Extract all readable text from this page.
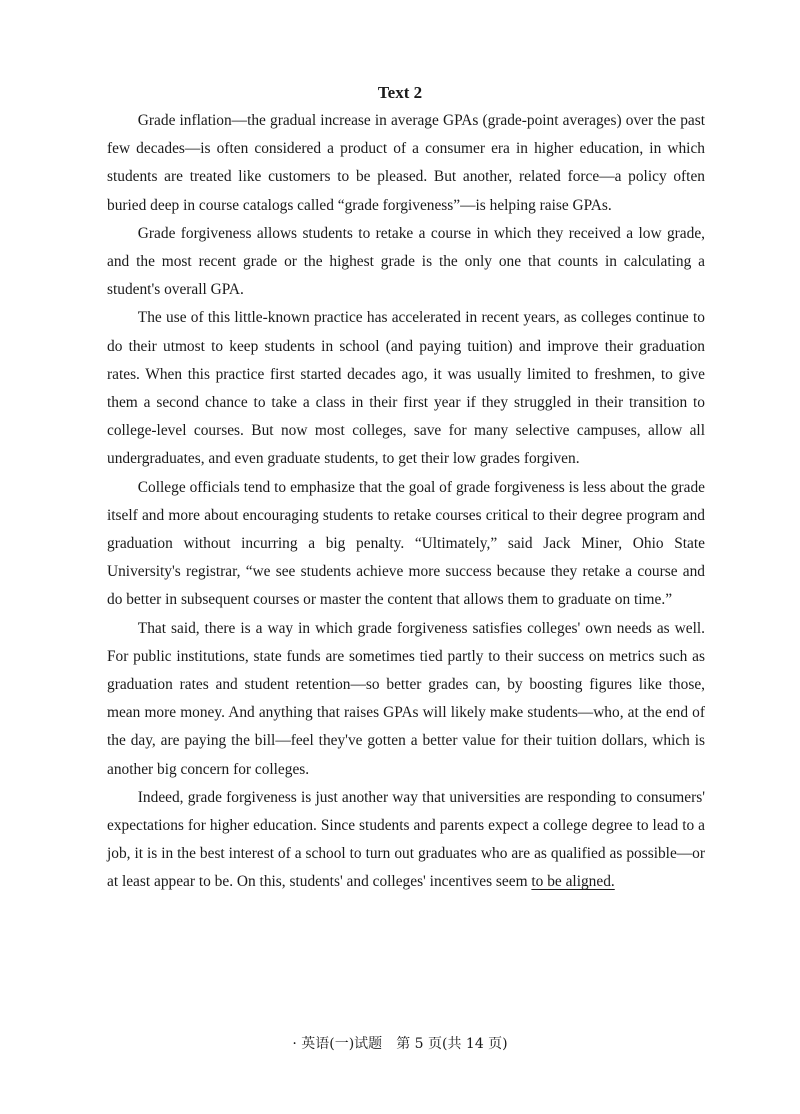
Text 2

Grade inflation—the gradual increase in average GPAs (grade-point averages) over the past few decades—is often considered a product of a consumer era in higher education, in which students are treated like customers to be pleased. But another, related force—a policy often buried deep in course catalogs called “grade forgiveness”—is helping raise GPAs.

Grade forgiveness allows students to retake a course in which they received a low grade, and the most recent grade or the highest grade is the only one that counts in calculating a student's overall GPA.

The use of this little-known practice has accelerated in recent years, as colleges continue to do their utmost to keep students in school (and paying tuition) and improve their graduation rates. When this practice first started decades ago, it was usually limited to freshmen, to give them a second chance to take a class in their first year if they struggled in their transition to college-level courses. But now most colleges, save for many selective campuses, allow all undergraduates, and even graduate students, to get their low grades forgiven.

College officials tend to emphasize that the goal of grade forgiveness is less about the grade itself and more about encouraging students to retake courses critical to their degree program and graduation without incurring a big penalty. “Ultimately,” said Jack Miner, Ohio State University's registrar, “we see students achieve more success because they retake a course and do better in subsequent courses or master the content that allows them to graduate on time.”

That said, there is a way in which grade forgiveness satisfies colleges' own needs as well. For public institutions, state funds are sometimes tied partly to their success on metrics such as graduation rates and student retention—so better grades can, by boosting figures like those, mean more money. And anything that raises GPAs will likely make students—who, at the end of the day, are paying the bill—feel they've gotten a better value for their tuition dollars, which is another big concern for colleges.

Indeed, grade forgiveness is just another way that universities are responding to consumers' expectations for higher education. Since students and parents expect a college degree to lead to a job, it is in the best interest of a school to turn out graduates who are as qualified as possible—or at least appear to be. On this, students' and colleges' incentives seem to be aligned.

· 英语(一)试题 第 5 页(共 14 页)
